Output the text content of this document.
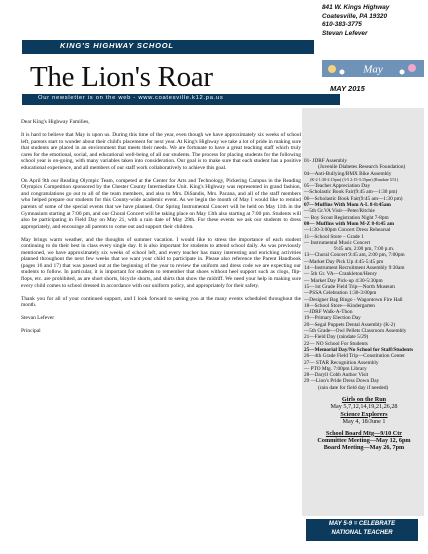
KING'S HIGHWAY SCHOOL
841 W. Kings Highway
Coatesville, PA 19320
610-383-3775
Stevan Lefever
The Lion's Roar	May
MAY 2015
Our newsletter is on the web - www.coatesville.k12.pa.us

Dear King's Highway Families,

It is hard to believe that May is upon us. During this time of the year, even though we have approximately six weeks of school left, parents start to wonder about their child's placement for next year. At King's Highway we take a lot of pride in making sure that students are placed in an environment that meets their needs. We are fortunate to have a great teaching staff which truly cares for the emotional, social, and educational well-being of all our students. The process for placing students for the following school year is on-going, with many variables taken into consideration. Our goal is to make sure that each student has a positive educational experience, and all members of our staff work collaboratively to achieve this goal.

On April 9th our Reading Olympic Team, competed at the Center for Arts and Technology, Pickering Campus in the Reading Olympics Competition sponsored by the Chester County Intermediate Unit. King's Highway was represented in grand fashion, and congratulations go out to all of the team members, and also to Mrs. DiSandis, Mrs. Pacana, and all of the staff members who helped prepare our students for this County-wide academic event. As we begin the month of May I would like to remind parents of some of the special events that we have planned. Our Spring Instrumental Concert will be held on May 11th in the Gymnasium starting at 7:00 pm, and our Choral Concert will be taking place on May 13th also starting at 7:00 pm. Students will also be participating in Field Day on May 21, with a rain date of May 29th. For these events we ask our students to dress appropriately, and encourage all parents to come out and support their children.

May brings warm weather, and the thoughts of summer vacation. I would like to stress the importance of each student continuing to do their best in class every single day. It is also important for students to attend school daily. As was previously mentioned, we have approximately six weeks of school left, and every teacher has many interesting and enriching activities planned throughout the next few weeks that we want your child to participate in. Please also reference the Parent Handbook (pages 16 and 17) that was passed out at the beginning of the year to review the uniform and dress code we are expecting our students to follow. In particular, it is important for students to remember that shoes without heel support such as clogs, flip-flops, etc. are prohibited, as are short shorts, bicycle shorts, and shirts that show the midriff. We need your help in making sure every child comes to school dressed in accordance with our uniform policy, and appropriately for their safety.

Thank you for all of your continued support, and I look forward to seeing you at the many events scheduled throughout the month.

Stevan Lefever

Principal

01- JDRF Assembly
(Juvenile Diabetes Research Foundation)
04—Anti-Bullying/BMX Bike Assembly
(K-2 1:30-2:15pm) (3-5 2:15-3:15pm) (Rundate 5/11)
05—Teacher Appreciation Day
—Scholastic Book Fair(9:45 am—1:30 pm)
06—Scholastic Book Fair(9:45 am—1:30 pm)
07—Muffins With Mom A-L 8-8:45am
—5th Gr.VA Visit—Peter/Ritchie
— Boy Scout Registration Night 7-8pm
08— Muffins with Mom M-Z 8-8:45 am
—1:30-3:00pm Concert Dress Rehearsal
11—School Store – Grade 1
— Instrumental Music Concert
9:45 am, 2:00 pm, 7:00 p.m.
13—Choral Concert 9:45 am, 2:00 pm, 7:00pm
—Market Day Pick Up 4:45-5:45 pm
14—Instrument Recruitment Assembly 9:30am
— 5th Gr. VA—Crankleton/Henry
— Market Day Pick-up 4:30-5:30pm
15—1st Grade Field Trip—North Museum
—PSSA Celebration 1:30-3:00pm
—Designer Bag Bingo - Wagontown Fire Hall
18—School Store—Kindergarten
—JDRF Walk-A-Thon
19—Primary Election Day
20—Segal Puppets Dental Assembly (K-2)
—5th Grade—Owl Pellets Classroom Assembly
21—Field Day (raindate 5/29)
22— NO School For Students
25—Memorial Day/No School for Staff/Students
26—4th Grade Field Trip—Constitution Center
27— STAR Recognition Assembly
— PTO Mtg. 7:00pm Library
28—Daryll Cobb Author Visit
29 —Lion's Pride Dress Down Day
(rain date for field day if needed)
Girls on the Run
May 5,7,12,14,19,21,26,28
Science Explorers
May 4, 18/June 1
School Board Mtg—9/10 Ctr
Committee Meeting—May 12, 6pm
Board Meeting—May 26, 7pm
MAY 5-9 = CELEBRATE
NATIONAL TEACHER
